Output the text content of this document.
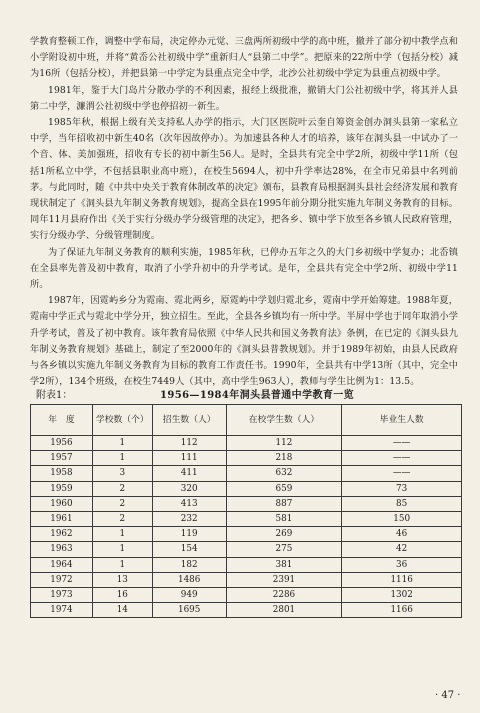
学教育整顿工作，调整中学布局，决定停办元觉、三盘两所初级中学的高中班，撤并了部分初中教学点和小学附设初中班，并将“黄岙公社初级中学”重新归人“县第二中学”。把原来的22所中学（包括分校）减为16所（包括分校），并把县第一中学定为县重点完全中学，北沙公社初级中学定为县重点初级中学。

1981年，鉴于大门岛片分散办学的不利因素，报经上级批准，撤销大门公社初级中学，将其并人县第二中学，濂渭公社初级中学也停招初一新生。

1985年秋，根据上级有关支持私人办学的指示，大门区医院叶云奎自筹资金创办洞头县第一家私立中学，当年招收初中新生40名（次年因故停办）。为加速县各种人才的培养，该年在洞头县一中试办了一个音、体、美加强班，招收有专长的初中新生56人。是时，全县共有完全中学2所，初级中学11所（包括1所私立中学，不包括县职业高中班），在校生5694人，初中升学率达28%，在全市兄弟县中名列前茅。与此同时，随《中共中央关于教育体制改革的决定》颁布，县教育局根据洞头县社会经济发展和教育现状制定了《洞头县九年制义务教育规划》，提高全县在1995年前分期分批实施九年制义务教育的目标。同年11月县府作出《关于实行分级办学分级管理的决定》，把各乡、镇中学下放至各乡镇人民政府管理，实行分级办学、分级管理制度。

为了保证九年制义务教育的顺利实施，1985年秋，已停办五年之久的大门乡初级中学复办；北岙镇在全县率先普及初中教育，取消了小学升初中的升学考试。是年，全县共有完全中学2所、初级中学11所。

1987年，因霓屿乡分为霓南、霓北两乡，原霓屿中学划归霓北乡，霓南中学开始筹建。1988年夏，霓南中学正式与霓北中学分开，独立招生。至此，全县各乡镇均有一所中学。半屏中学也于同年取消小学升学考试，普及了初中教育。该年教育局依照《中华人民共和国义务教育法》条例，在已定的《洞头县九年制义务教育规划》基础上，制定了至2000年的《洞头县普教规划》。并于1989年初始，由县人民政府与各乡镇以实施九年制义务教育为目标的教育工作责任书。1990年，全县共有中学13所（其中，完全中学2所），134个班级，在校生7449人（其中，高中学生963人），教师与学生比例为1：13.5。

附表1：	1956—1984年洞头县普通中学教育一览
年　度	学校数（个）	招生数（人）	在校学生数（人）	毕业生人数
1956	1	112	112	——
1957	1	111	218	——
1958	3	411	632	——
1959	2	320	659	73
1960	2	413	887	85
1961	2	232	581	150
1962	1	119	269	46
1963	1	154	275	42
1964	1	182	381	36
1972	13	1486	2391	1116
1973	16	949	2286	1302
1974	14	1695	2801	1166
· 47 ·
